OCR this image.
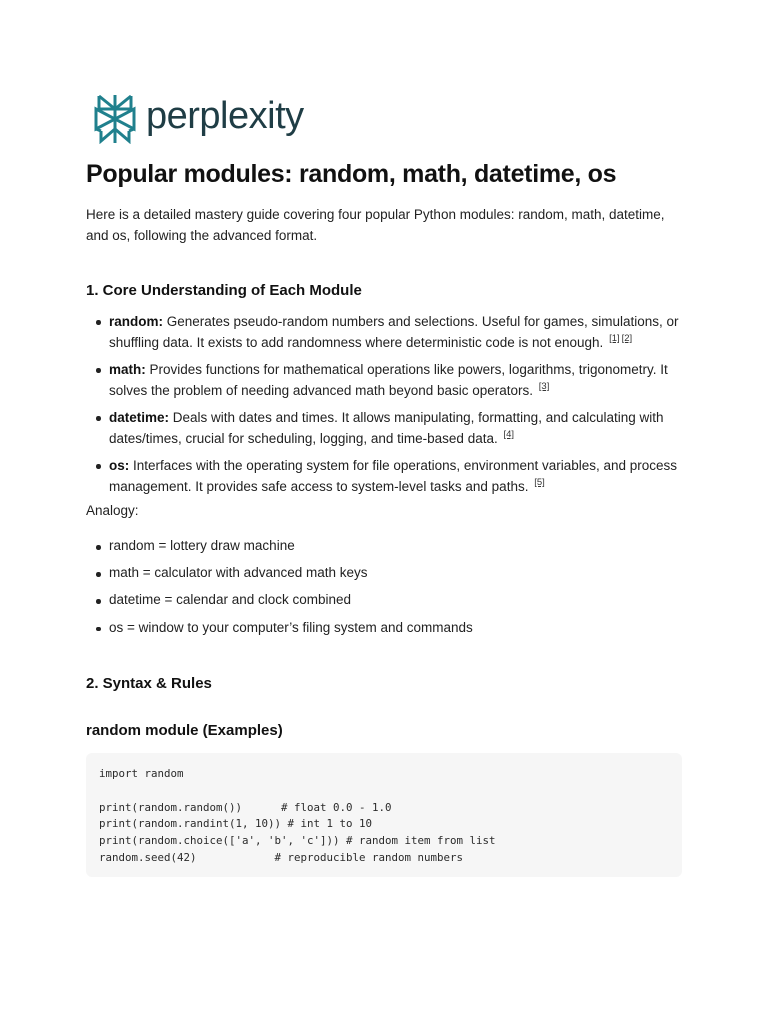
perplexity
Popular modules: random, math, datetime, os

Here is a detailed mastery guide covering four popular Python modules: random, math, datetime, and os, following the advanced format.

1. Core Understanding of Each Module
random: Generates pseudo-random numbers and selections. Useful for games, simulations, or shuffling data. It exists to add randomness where deterministic code is not enough. [1] [2]
math: Provides functions for mathematical operations like powers, logarithms, trigonometry. It solves the problem of needing advanced math beyond basic operators. [3]
datetime: Deals with dates and times. It allows manipulating, formatting, and calculating with dates/times, crucial for scheduling, logging, and time-based data. [4]
os: Interfaces with the operating system for file operations, environment variables, and process management. It provides safe access to system-level tasks and paths. [5]

Analogy:

random = lottery draw machine
math = calculator with advanced math keys
datetime = calendar and clock combined
os = window to your computer’s filing system and commands
2. Syntax & Rules
random module (Examples)
import random
print(random.random())      # float 0.0 - 1.0
print(random.randint(1, 10)) # int 1 to 10
print(random.choice(['a', 'b', 'c'])) # random item from list
random.seed(42)            # reproducible random numbers
